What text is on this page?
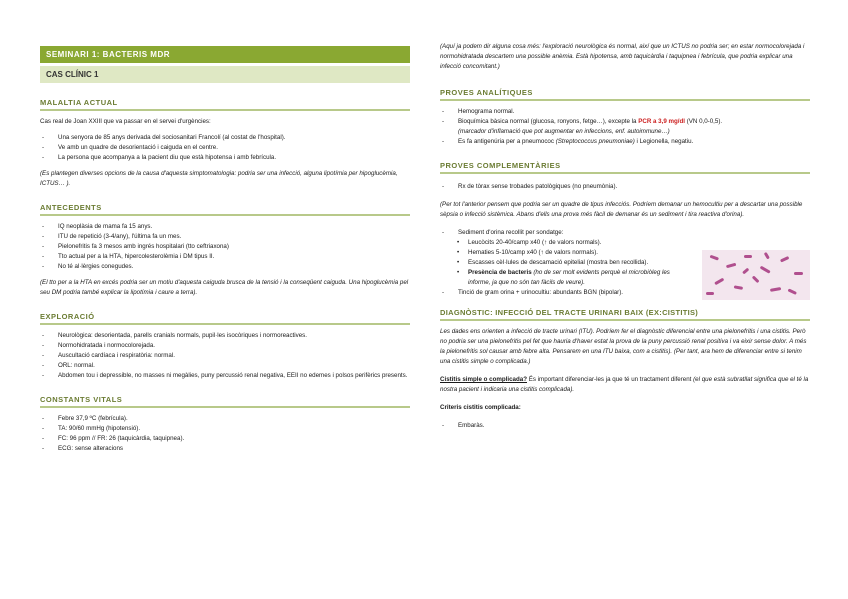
SEMINARI 1: BACTERIS MDR
CAS CLÍNIC 1
MALALTIA ACTUAL
Cas real de Joan XXIII que va passar en el servei d'urgències:
- Una senyora de 85 anys derivada del sociosanitari Francolí (al costat de l'hospital).
- Ve amb un quadre de desorientació i caiguda en el centre.
- La persona que acompanya a la pacient diu que està hipotensa i amb febrícula.
(Es plantegen diverses opcions de la causa d'aquesta simptomatologia: podria ser una infecció, alguna lipotímia per hipoglucèmia, ICTUS… ).
ANTECEDENTS
- IQ neoplàsia de mama fa 15 anys.
- ITU de repetició (3-4/any), l'última fa un mes.
- Pielonefritis fa 3 mesos amb ingrés hospitalari (tto ceftriaxona)
- Tto actual per a la HTA, hipercolesterolèmia i DM tipus II.
- No té al·lèrgies conegudes.
(El tto per a la HTA en excés podria ser un motiu d'aquesta caiguda brusca de la tensió i la conseqüent caiguda. Una hipoglucèmia pel seu DM podria també explicar la lipotímia i caure a terra).
EXPLORACIÓ
- Neurològica: desorientada, parells cranials normals, pupil·les isocòriques i normoreactives.
- Normohidratada i normocolorejada.
- Auscultació cardíaca i respiratòria: normal.
- ORL: normal.
- Abdomen tou i depressible, no masses ni megàlies, puny percussió renal negativa, EEII no edemes i polsos perifèrics presents.
CONSTANTS VITALS
- Febre 37,9 ºC (febrícula).
- TA: 90/60 mmHg (hipotensió).
- FC: 96 ppm // FR: 26 (taquicàrdia, taquipnea).
- ECG: sense alteracions
(Aquí ja podem dir alguna cosa més: l'exploració neurològica és normal, així que un ICTUS no podria ser; en estar normocolorejada i normohidratada descartem una possible anèmia. Està hipotensa, amb taquicàrdia i taquipnea i febrícula, que podria explicar una infecció concomitant.)
PROVES ANALÍTIQUES
- Hemograma normal.
- Bioquímica bàsica normal (glucosa, ronyons, fetge…), excepte la PCR a 3,9 mg/dl (VN 0,0-0,5).
(marcador d'inflamació que pot augmentar en infeccions, enf. autoimmune…)
- Es fa antigenúria per a pneumococ (Streptococcus pneumoniae) i Legionella, negatiu.
PROVES COMPLEMENTÀRIES
- Rx de tòrax sense trobades patològiques (no pneumònia).
(Per tot l'anterior pensem que podria ser un quadre de tipus infecciós. Podríem demanar un hemocultiu per a descartar una possible sèpsia o infecció sistèmica. Abans d'ells una prova més fàcil de demanar és un sediment i tira reactiva d'orina).
- Sediment d'orina recollit per sondatge:
• Leucòcits 20-40/camp x40 (↑ de valors normals).
• Hematies 5-10/camp x40 (↑ de valors normals).
• Escasses cèl·lules de descamació epitelial (mostra ben recollida).
• Presència de bacteris (ho de ser molt evidents perquè el microbiòleg les informe, ja que no són tan fàcils de veure).
- Tinció de gram orina + urinocultiu: abundants BGN (bipolar).
DIAGNÒSTIC: INFECCIÓ DEL TRACTE URINARI BAIX (EX:CISTITIS)
Les dades ens orienten a infecció de tracte urinari (ITU). Podríem fer el diagnòstic diferencial entre una pielonefritis i una cistitis. Però no podria ser una pielonefritis pel fet que hauria d'haver estat la prova de la puny percussió renal positiva i va eixir sense dolor. A més la pielonefritis sol causar amb febre alta. Pensarem en una ITU baixa, com a cistitis). (Per tant, ara hem de diferenciar entre si tenim una cistitis simple o complicada.)
Cistitis simple o complicada? És important diferenciar-les ja que té un tractament diferent (el que està subratllat significa que el té la nostra pacient i indicaria una cistitis complicada).
Criteris cistitis complicada:
- Embaràs.
